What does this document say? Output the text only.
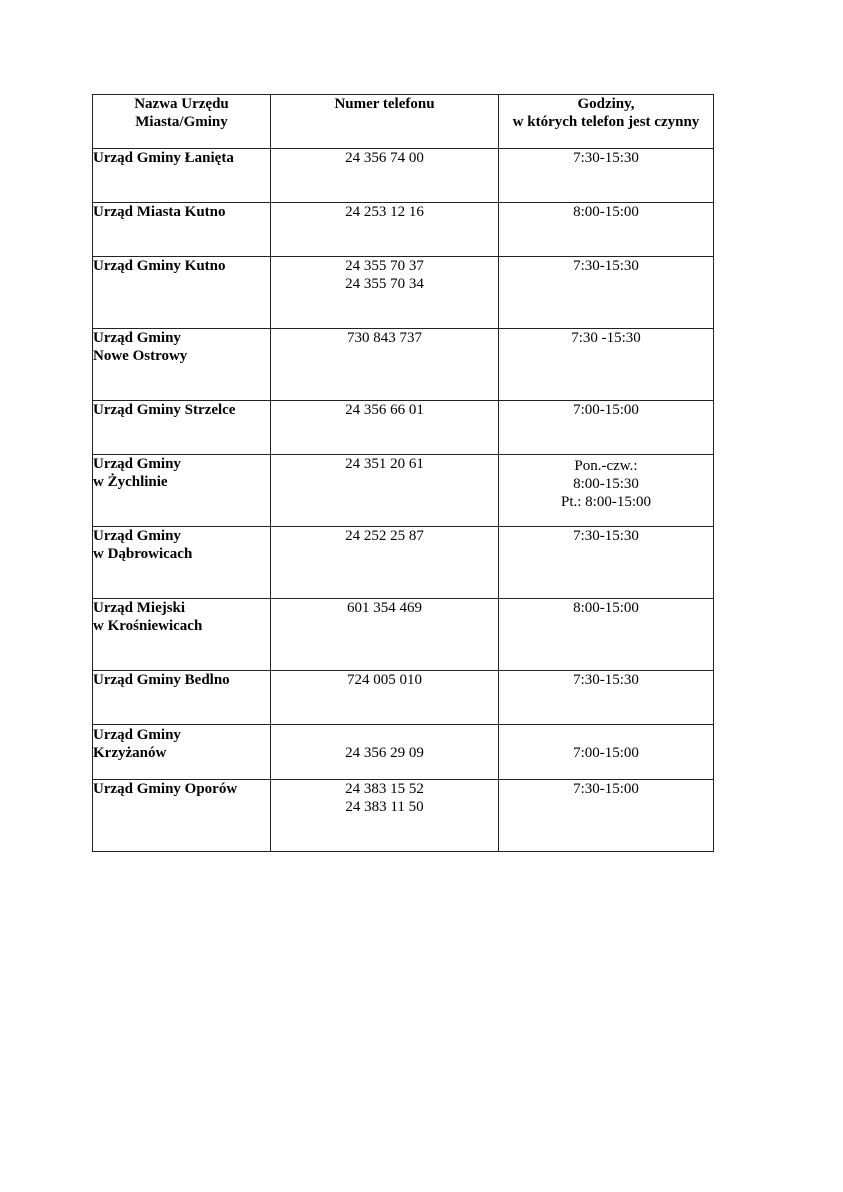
Nazwa Urzędu
Miasta/Gminy	Numer telefonu	Godziny,
w których telefon jest czynny

Urząd Gminy Łanięta	24 356 74 00	7:30-15:30

Urząd Miasta Kutno	24 253 12 16	8:00-15:00

Urząd Gminy Kutno	24 355 70 37
24 355 70 34	7:30-15:30

Urząd Gminy
Nowe Ostrowy	730 843 737	7:30 -15:30

Urząd Gminy Strzelce	24 356 66 01	7:00-15:00

Urząd Gminy
w Żychlinie	24 351 20 61	Pon.-czw.:
8:00-15:30
Pt.: 8:00-15:00

Urząd Gminy
w Dąbrowicach	24 252 25 87	7:30-15:30

Urząd Miejski
w Krośniewicach	601 354 469	8:00-15:00

Urząd Gminy Bedlno	724 005 010	7:30-15:30

Urząd Gminy
Krzyżanów	24 356 29 09	7:00-15:00

Urząd Gminy Oporów	24 383 15 52
24 383 11 50	7:30-15:00
